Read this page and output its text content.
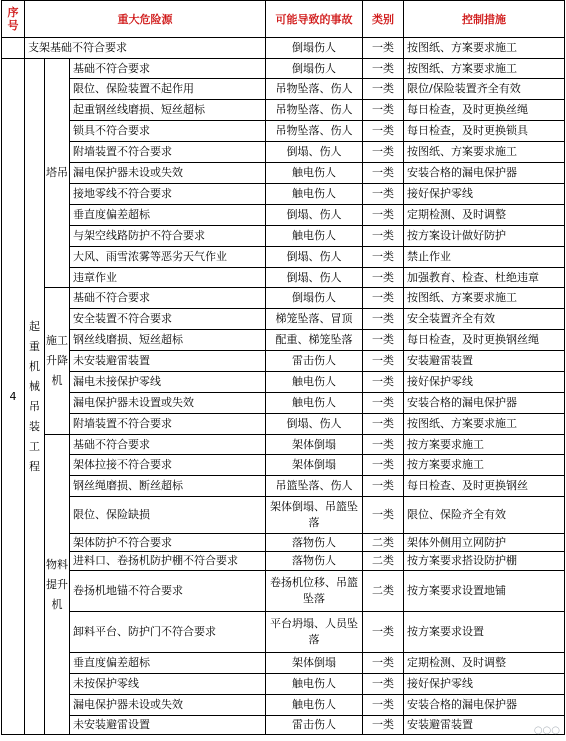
序号	重大危险源			可能导致的事故	类别	控制措施
	支架基础不符合要求			倒塌伤人	一类	按图纸、方案要求施工
4	起重机械吊装工程	塔吊	基础不符合要求	倒塌伤人	一类	按图纸、方案要求施工
			限位、保险装置不起作用	吊物坠落、伤人	一类	限位/保险装置齐全有效
			起重钢丝线磨损、短丝超标	吊物坠落、伤人	一类	每日检查，及时更换丝绳
			锁具不符合要求	吊物坠落、伤人	一类	每日检查，及时更换锁具
			附墙装置不符合要求	倒塌、伤人	一类	按图纸、方案要求施工
			漏电保护器未设或失效	触电伤人	一类	安装合格的漏电保护器
			接地零线不符合要求	触电伤人	一类	接好保护零线
			垂直度偏差超标	倒塌、伤人	一类	定期检测、及时调整
			与架空线路防护不符合要求	触电伤人	一类	按方案设计做好防护
			大风、雨雪浓雾等恶劣天气作业	倒塌、伤人	一类	禁止作业
			违章作业	倒塌、伤人	一类	加强教育、检查、杜绝违章
		施工升降机	基础不符合要求	倒塌伤人	一类	按图纸、方案要求施工
			安全装置不符合要求	梯笼坠落、冒顶	一类	安全装置齐全有效
			钢丝线磨损、短丝超标	配重、梯笼坠落	一类	每日检查，及时更换钢丝绳
			未安装避雷装置	雷击伤人	一类	安装避雷装置
			漏电未接保护零线	触电伤人	一类	接好保护零线
			漏电保护器未设置或失效	触电伤人	一类	安装合格的漏电保护器
			附墙装置不符合要求	倒塌、伤人	一类	按图纸、方案要求施工
		物料提升机	基础不符合要求	架体倒塌	一类	按方案要求施工
			架体拉接不符合要求	架体倒塌	一类	按方案要求施工
			钢丝绳磨损、断丝超标	吊篮坠落、伤人	一类	每日检查、及时更换钢丝
			限位、保险缺损	架体倒塌、吊篮坠落	一类	限位、保险齐全有效
			架体防护不符合要求	落物伤人	二类	架体外侧用立网防护
			进料口、卷扬机防护棚不符合要求	落物伤人	二类	按方案要求搭设防护棚
			卷扬机地锚不符合要求	卷扬机位移、吊篮坠落	二类	按方案要求设置地铺
			卸料平台、防护门不符合要求	平台坍塌、人员坠落	一类	按方案要求设置
			垂直度偏差超标	架体倒塌	一类	定期检测、及时调整
			未按保护零线	触电伤人	一类	接好保护零线
			漏电保护器未设或失效	触电伤人	一类	安装合格的漏电保护器
			未安装避雷设置	雷击伤人	一类	安装避雷装置	○○○
